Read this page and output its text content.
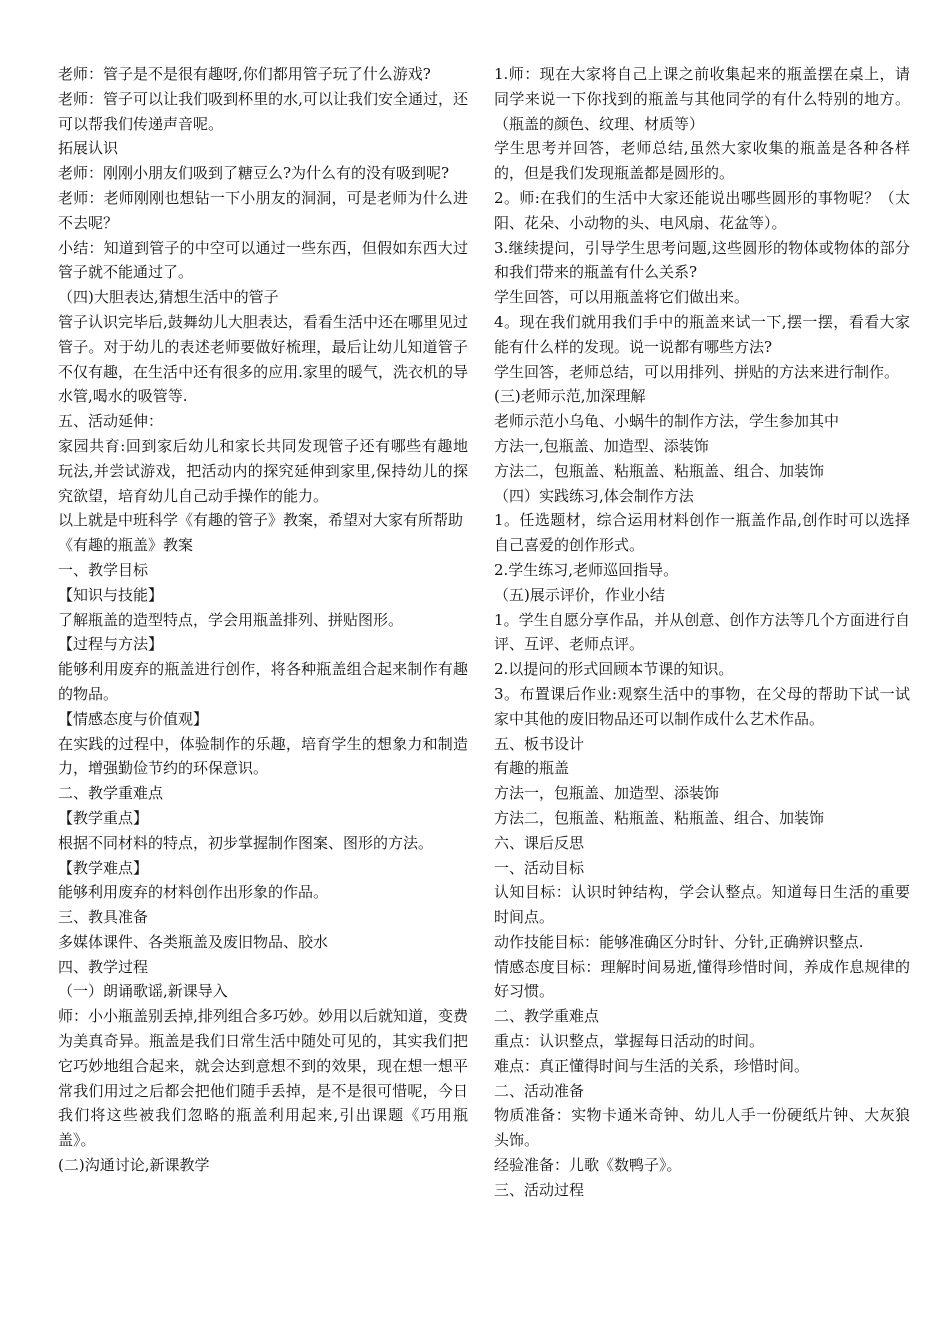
老师：管子是不是很有趣呀,你们都用管子玩了什么游戏?

老师：管子可以让我们吸到杯里的水,可以让我们安全通过，还可以帮我们传递声音呢。

拓展认识

老师：刚刚小朋友们吸到了糖豆么?为什么有的没有吸到呢?

老师：老师刚刚也想钻一下小朋友的洞洞，可是老师为什么进不去呢？

小结：知道到管子的中空可以通过一些东西，但假如东西大过管子就不能通过了。

（四)大胆表达,猜想生活中的管子

管子认识完毕后,鼓舞幼儿大胆表达，看看生活中还在哪里见过管子。对于幼儿的表述老师要做好梳理，最后让幼儿知道管子不仅有趣，在生活中还有很多的应用.家里的暖气，洗衣机的导水管,喝水的吸管等.

五、活动延伸：

家园共育:回到家后幼儿和家长共同发现管子还有哪些有趣地玩法,并尝试游戏，把活动内的探究延伸到家里,保持幼儿的探究欲望，培育幼儿自己动手操作的能力。

以上就是中班科学《有趣的管子》教案，希望对大家有所帮助

《有趣的瓶盖》教案

一、教学目标

【知识与技能】

了解瓶盖的造型特点，学会用瓶盖排列、拼贴图形。

【过程与方法】

能够利用废弃的瓶盖进行创作，将各种瓶盖组合起来制作有趣的物品。

【情感态度与价值观】

在实践的过程中，体验制作的乐趣，培育学生的想象力和制造力，增强勤俭节约的环保意识。

二、教学重难点

【教学重点】

根据不同材料的特点，初步掌握制作图案、图形的方法。

【教学难点】

能够利用废弃的材料创作出形象的作品。

三、教具准备

多媒体课件、各类瓶盖及废旧物品、胶水

四、教学过程

（一）朗诵歌谣,新课导入

师：小小瓶盖别丢掉,排列组合多巧妙。妙用以后就知道，变费为美真奇异。瓶盖是我们日常生活中随处可见的，其实我们把它巧妙地组合起来，就会达到意想不到的效果，现在想一想平常我们用过之后都会把他们随手丢掉，是不是很可惜呢，今日我们将这些被我们忽略的瓶盖利用起来,引出课题《巧用瓶盖》。

(二)沟通讨论,新课教学

1.师：现在大家将自己上课之前收集起来的瓶盖摆在桌上，请同学来说一下你找到的瓶盖与其他同学的有什么特别的地方。（瓶盖的颜色、纹理、材质等）

学生思考并回答，老师总结,虽然大家收集的瓶盖是各种各样的，但是我们发现瓶盖都是圆形的。

2。师:在我们的生活中大家还能说出哪些圆形的事物呢？（太阳、花朵、小动物的头、电风扇、花盆等）。

3.继续提问，引导学生思考问题,这些圆形的物体或物体的部分和我们带来的瓶盖有什么关系?

学生回答，可以用瓶盖将它们做出来。

4。现在我们就用我们手中的瓶盖来试一下,摆一摆，看看大家能有什么样的发现。说一说都有哪些方法?

学生回答，老师总结，可以用排列、拼贴的方法来进行制作。

(三)老师示范,加深理解

老师示范小乌龟、小蜗牛的制作方法，学生参加其中

方法一,包瓶盖、加造型、添装饰

方法二，包瓶盖、粘瓶盖、粘瓶盖、组合、加装饰

（四）实践练习,体会制作方法

1。任选题材，综合运用材料创作一瓶盖作品,创作时可以选择自己喜爱的创作形式。

2.学生练习,老师巡回指导。

（五)展示评价，作业小结

1。学生自愿分享作品，并从创意、创作方法等几个方面进行自评、互评、老师点评。

2.以提问的形式回顾本节课的知识。

3。布置课后作业:观察生活中的事物，在父母的帮助下试一试家中其他的废旧物品还可以制作成什么艺术作品。

五、板书设计

有趣的瓶盖

方法一，包瓶盖、加造型、添装饰

方法二，包瓶盖、粘瓶盖、粘瓶盖、组合、加装饰

六、课后反思

一、活动目标

认知目标：认识时钟结构，学会认整点。知道每日生活的重要时间点。

动作技能目标：能够准确区分时针、分针,正确辨识整点.

情感态度目标：理解时间易逝,懂得珍惜时间，养成作息规律的好习惯。

二、教学重难点

重点：认识整点，掌握每日活动的时间。

难点：真正懂得时间与生活的关系，珍惜时间。

二、活动准备

物质准备：实物卡通米奇钟、幼儿人手一份硬纸片钟、大灰狼头饰。

经验准备：儿歌《数鸭子》。

三、活动过程
